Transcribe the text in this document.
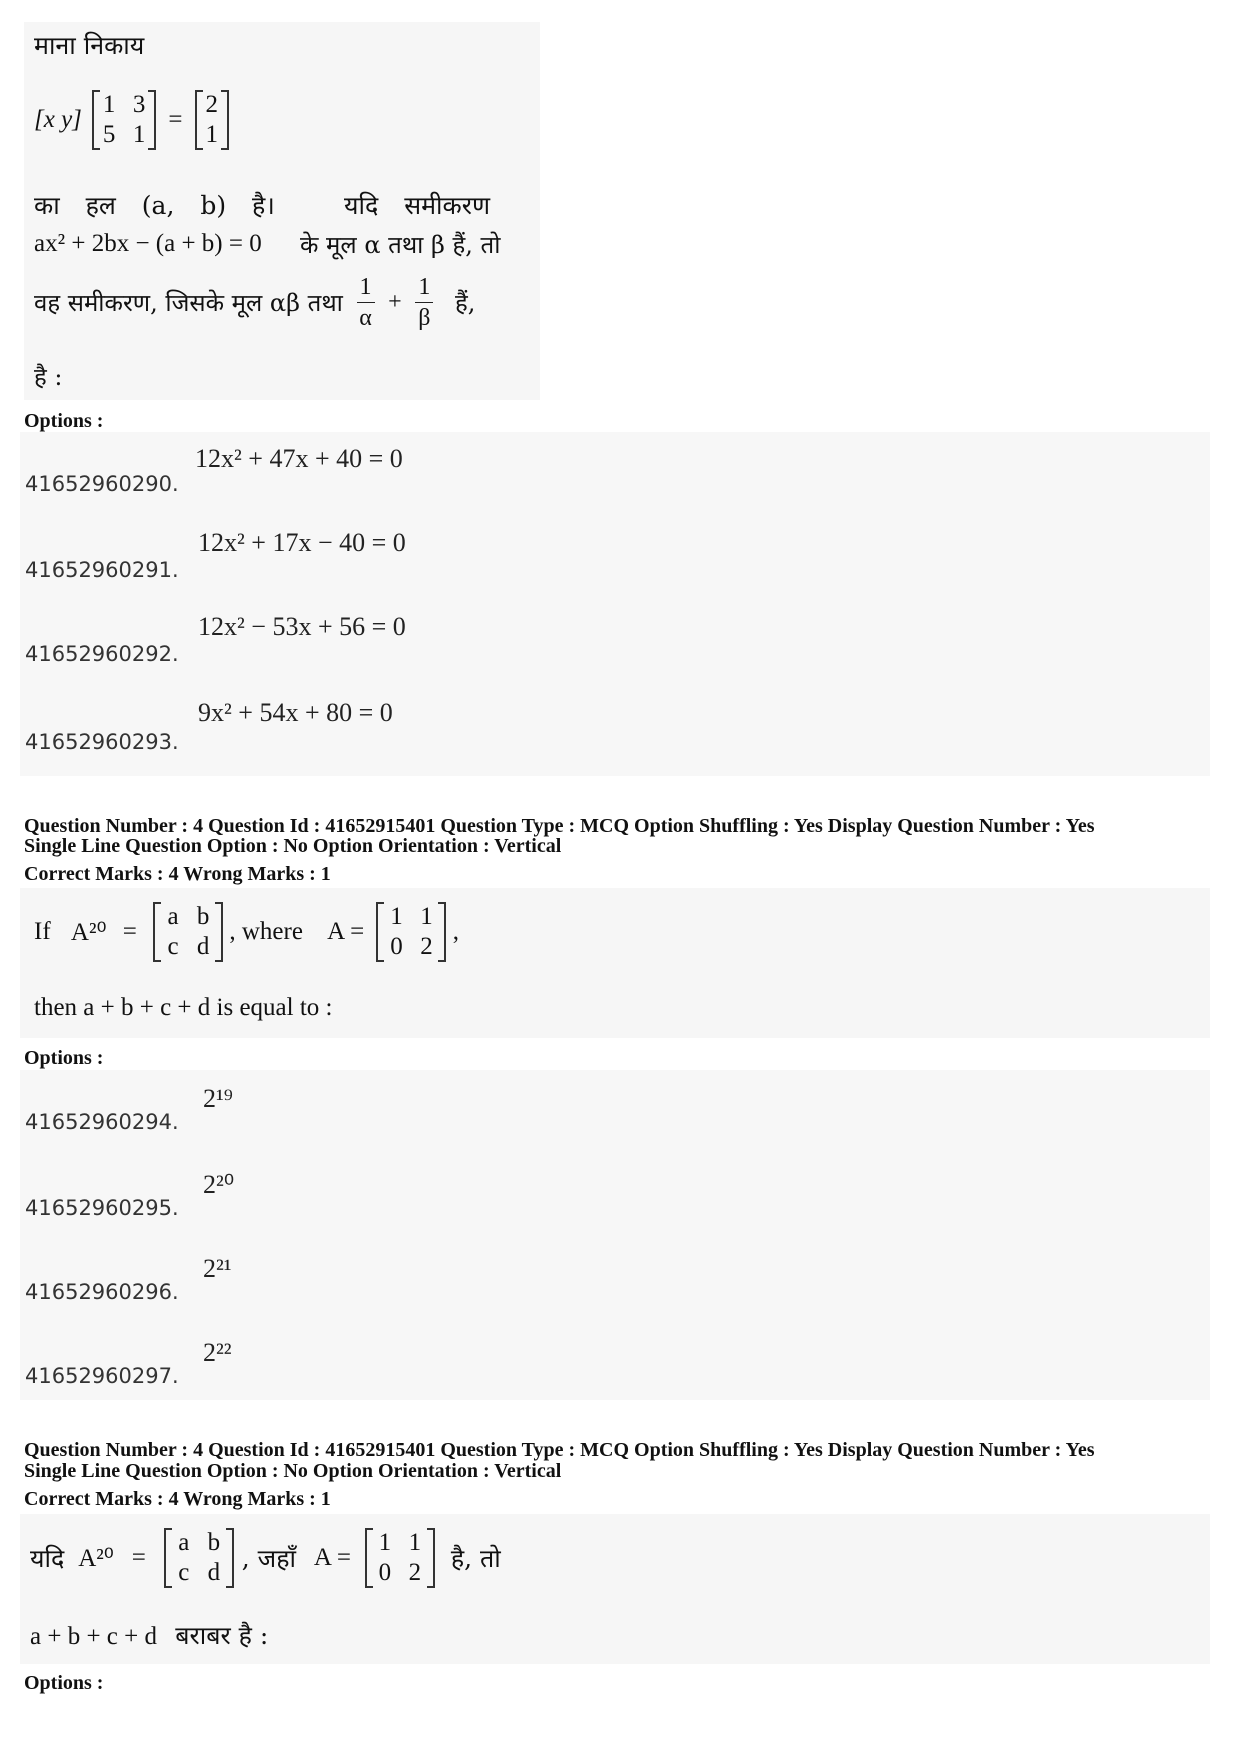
माना निकाय
[x y]
1 3
5 1
=
2
1
का हल (a, b) है।	यदि समीकरण
ax² + 2bx − (a + b) = 0 के मूल α तथा β हैं, तो
वह समीकरण, जिसके मूल αβ तथा $\frac{1}{\alpha} + \frac{1}{\beta}$ हैं,
है :
Options :
41652960290.
12x² + 47x + 40 = 0
41652960291.
12x² + 17x − 40 = 0
41652960292.
12x² − 53x + 56 = 0
41652960293.
9x² + 54x + 80 = 0
Question Number : 4 Question Id : 41652915401 Question Type : MCQ Option Shuffling : Yes Display Question Number : Yes
Single Line Question Option : No Option Orientation : Vertical
Correct Marks : 4 Wrong Marks : 1
If A²⁰ =
a b
c d
, where A =
1 1
0 2
,
then a + b + c + d is equal to :
Options :
41652960294.
2¹⁹
41652960295.
2²⁰
41652960296.
2²¹
41652960297.
2²²
Question Number : 4 Question Id : 41652915401 Question Type : MCQ Option Shuffling : Yes Display Question Number : Yes
Single Line Question Option : No Option Orientation : Vertical
Correct Marks : 4 Wrong Marks : 1
यदि A²⁰ =
a b
c d , जहाँ A =
1 1
0 2	है, तो
a + b + c + d बराबर है :
Options :
